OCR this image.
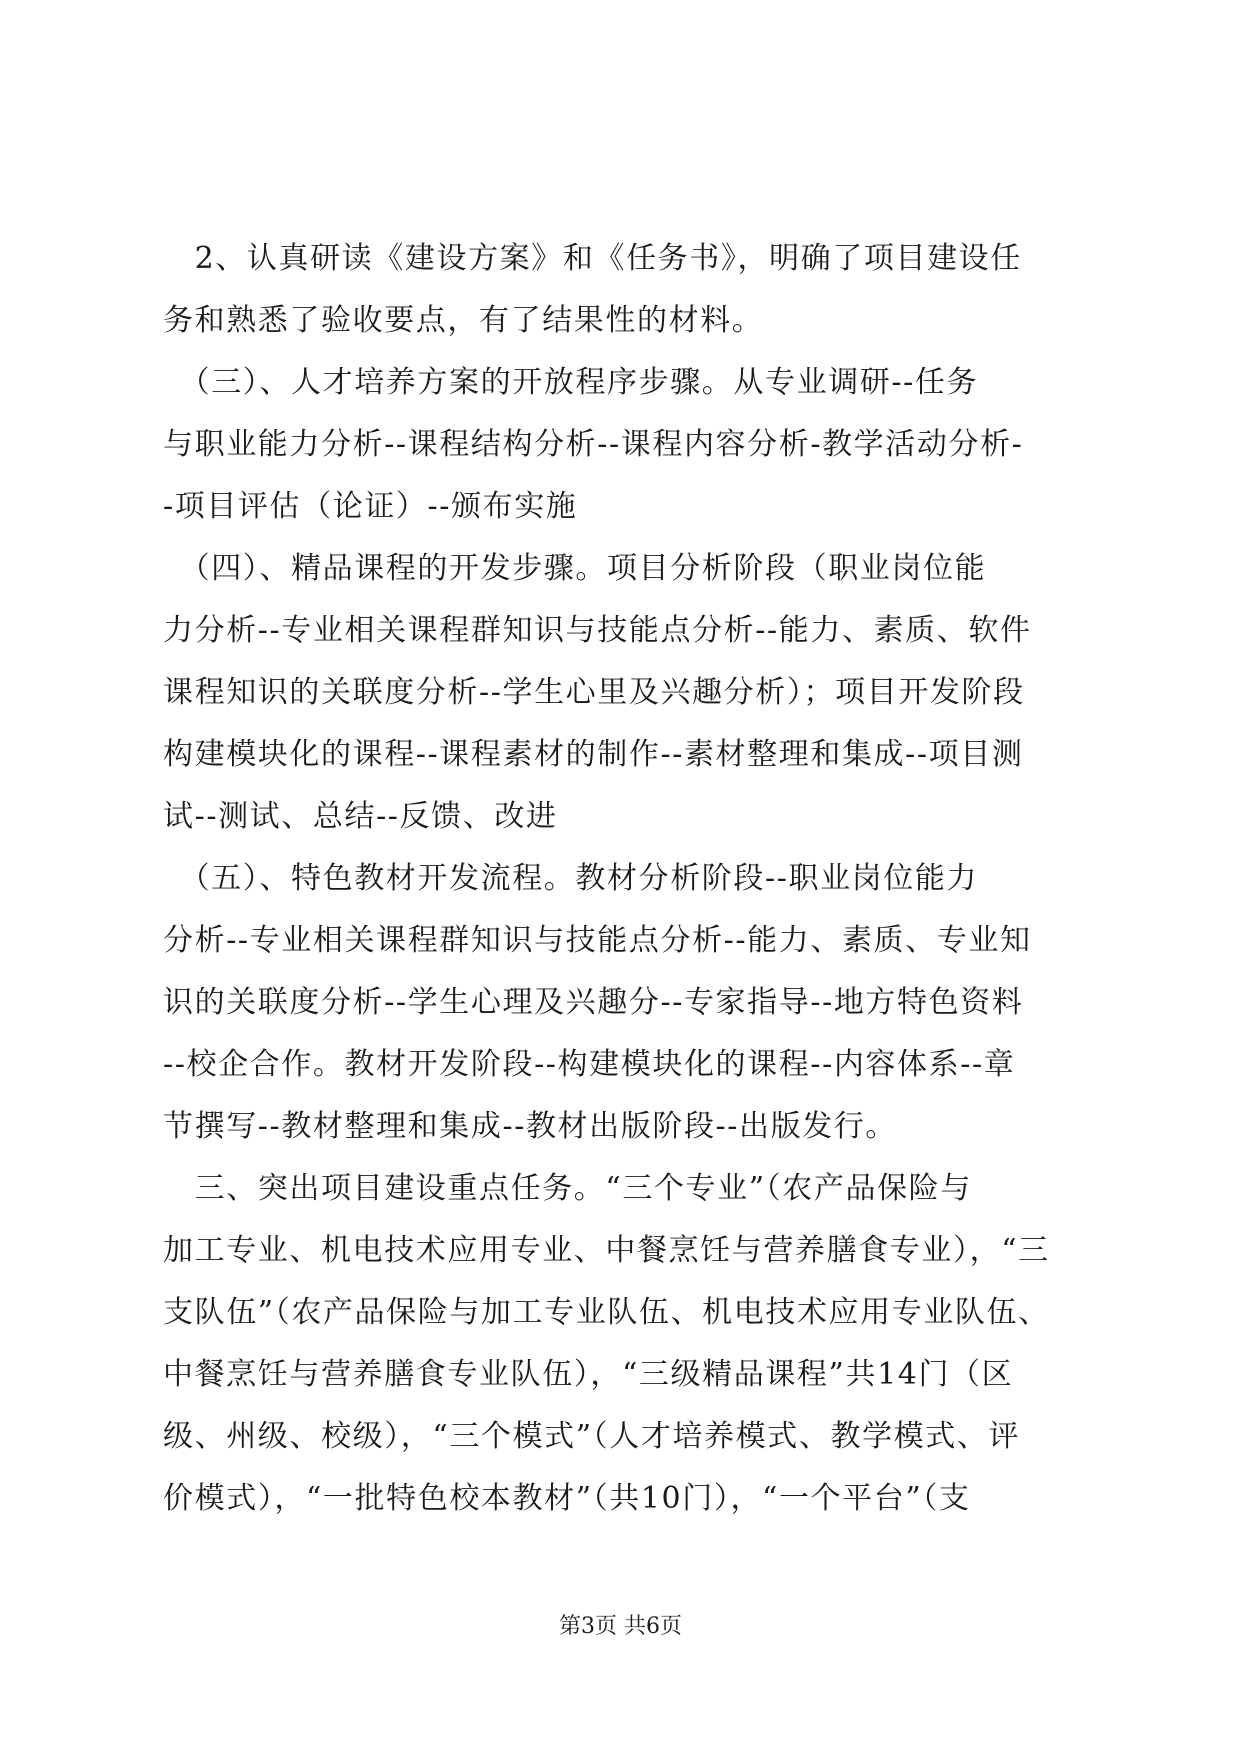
　2、认真研读《建设方案》和《任务书》，明确了项目建设任
务和熟悉了验收要点，有了结果性的材料。
　（三）、人才培养方案的开放程序步骤。从专业调研--任务
与职业能力分析--课程结构分析--课程内容分析-教学活动分析-
-项目评估（论证）--颁布实施
　（四）、精品课程的开发步骤。项目分析阶段（职业岗位能
力分析--专业相关课程群知识与技能点分析--能力、素质、软件
课程知识的关联度分析--学生心里及兴趣分析）；项目开发阶段
构建模块化的课程--课程素材的制作--素材整理和集成--项目测
试--测试、总结--反馈、改进
　（五）、特色教材开发流程。教材分析阶段--职业岗位能力
分析--专业相关课程群知识与技能点分析--能力、素质、专业知
识的关联度分析--学生心理及兴趣分--专家指导--地方特色资料
--校企合作。教材开发阶段--构建模块化的课程--内容体系--章
节撰写--教材整理和集成--教材出版阶段--出版发行。
　三、突出项目建设重点任务。“三个专业”（农产品保险与
加工专业、机电技术应用专业、中餐烹饪与营养膳食专业），“三
支队伍”（农产品保险与加工专业队伍、机电技术应用专业队伍、
中餐烹饪与营养膳食专业队伍），“三级精品课程”共14门（区
级、州级、校级），“三个模式”（人才培养模式、教学模式、评
价模式），“一批特色校本教材”（共10门），“一个平台”（支
第3页 共6页
